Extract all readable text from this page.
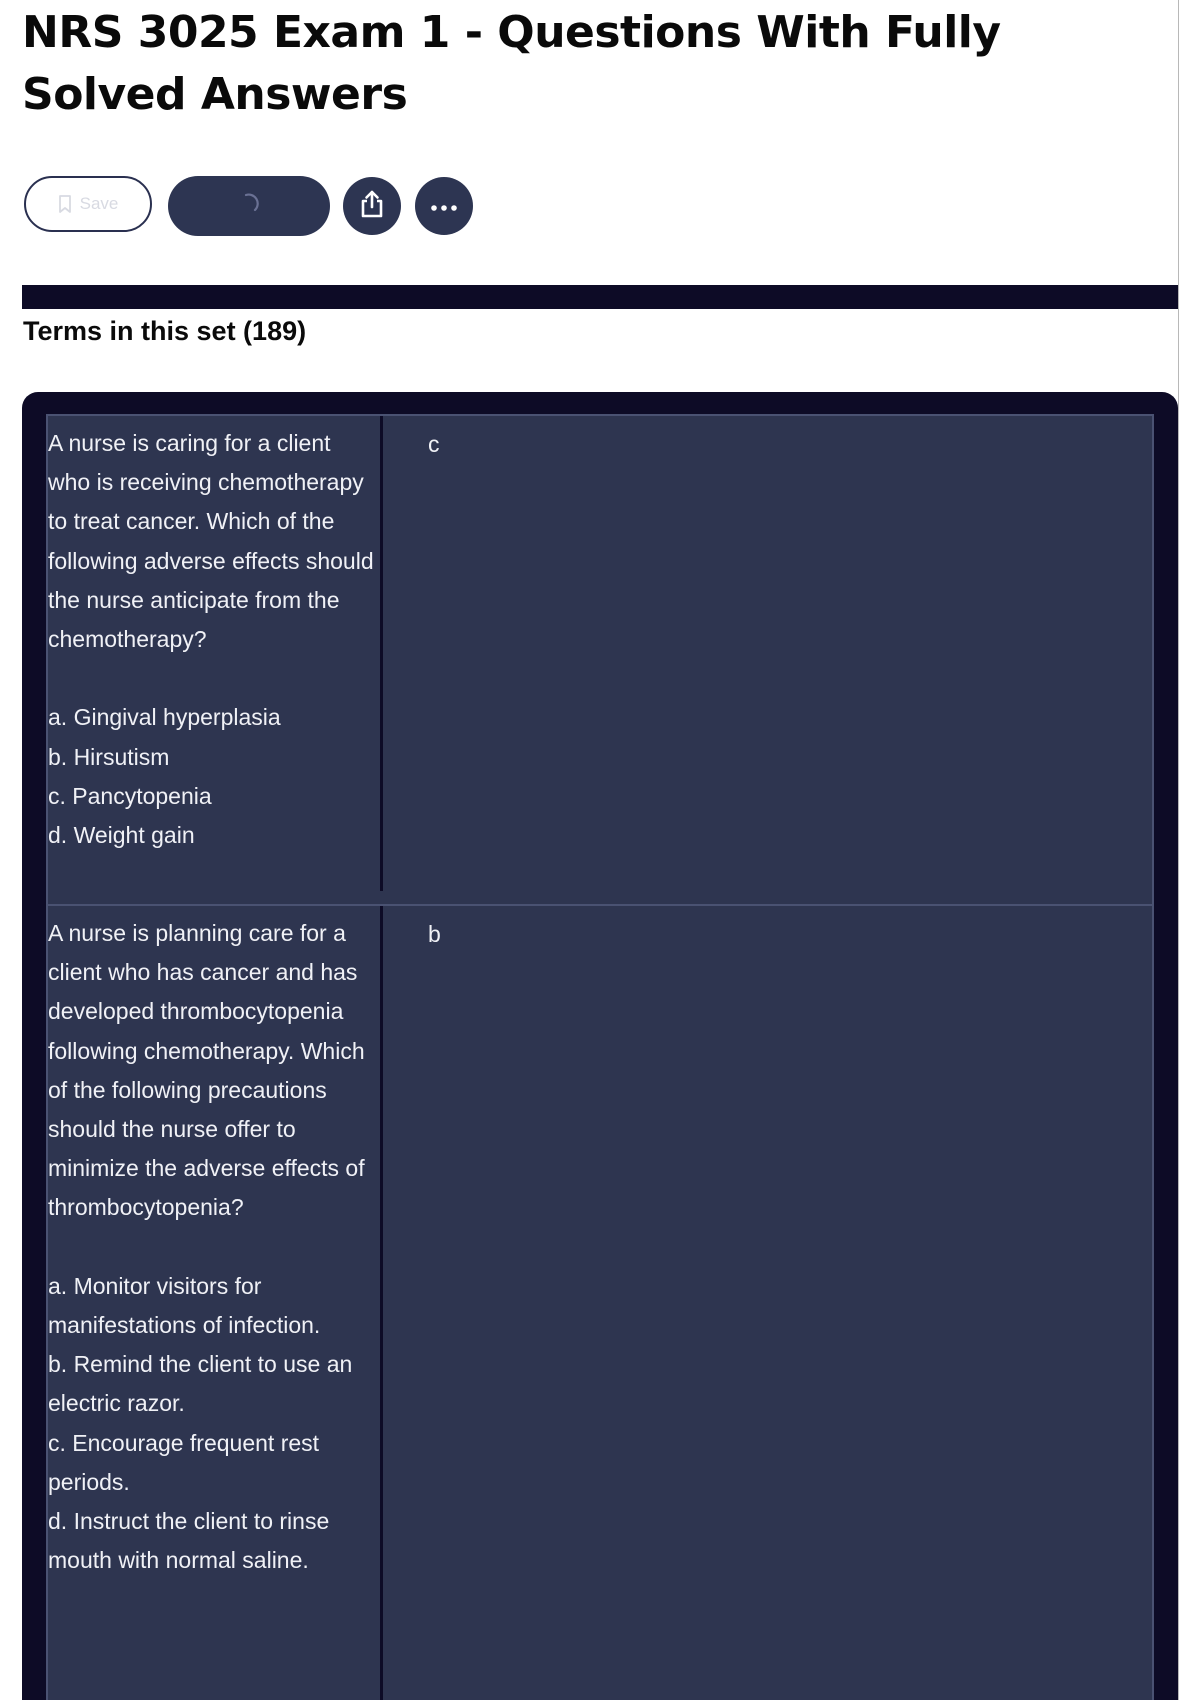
NRS 3025 Exam 1 - Questions With Fully Solved Answers
Save
Terms in this set (189)
A nurse is caring for a client who is receiving chemotherapy to treat cancer. Which of the following adverse effects should the nurse anticipate from the chemotherapy?

a. Gingival hyperplasia
b. Hirsutism
c. Pancytopenia
d. Weight gain
c
A nurse is planning care for a client who has cancer and has developed thrombocytopenia following chemotherapy. Which of the following precautions should the nurse offer to minimize the adverse effects of thrombocytopenia?

a. Monitor visitors for manifestations of infection.
b. Remind the client to use an electric razor.
c. Encourage frequent rest periods.
d. Instruct the client to rinse mouth with normal saline.
b
